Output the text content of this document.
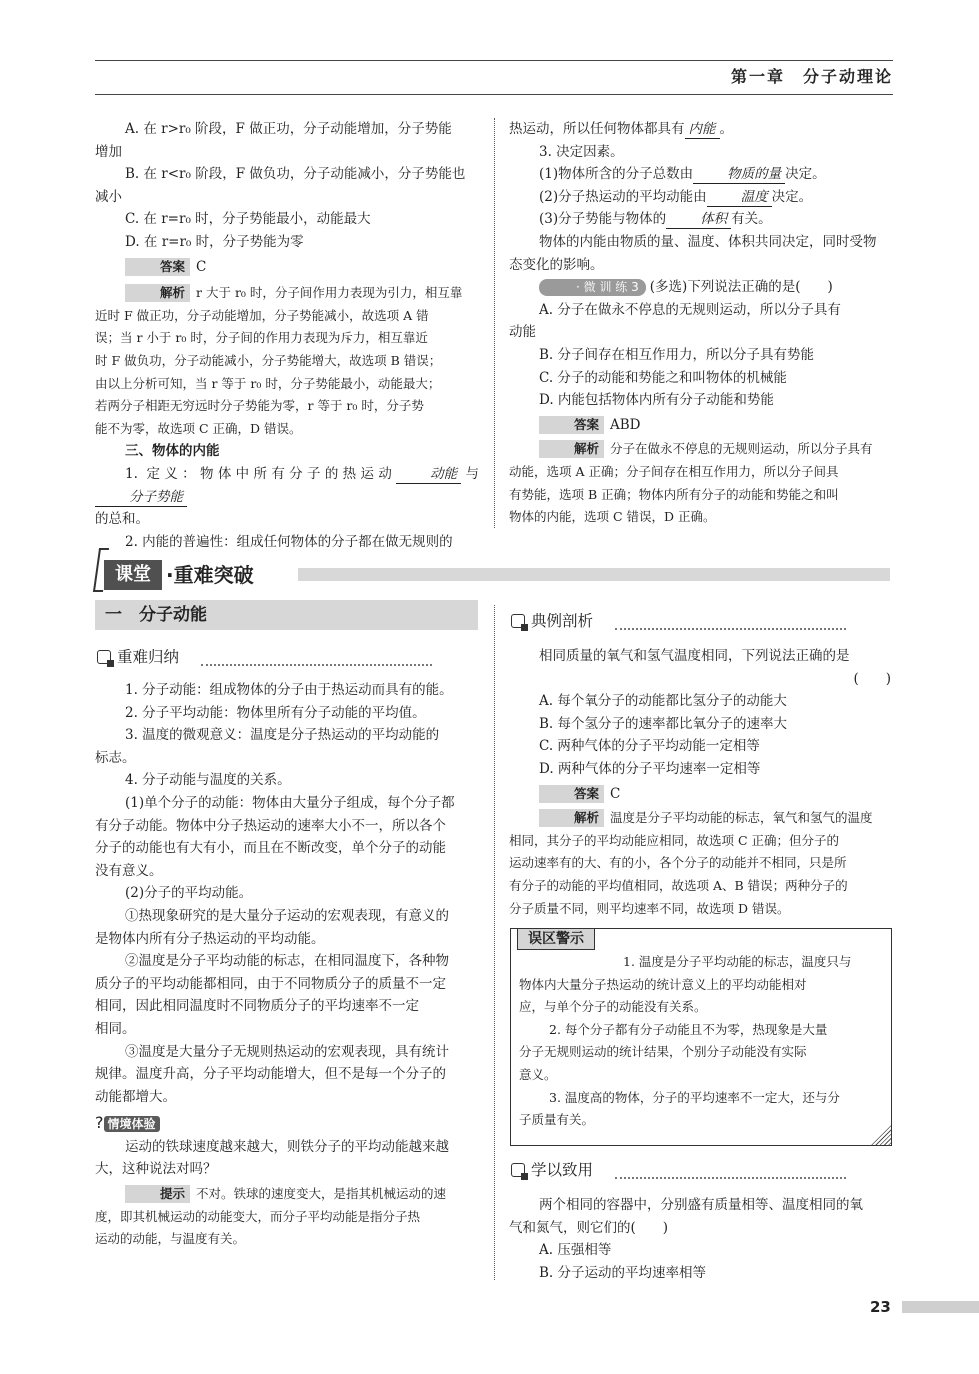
第一章　分子动理论

A. 在 r>r₀ 阶段，F 做正功，分子动能增加，分子势能

增加

B. 在 r<r₀ 阶段，F 做负功，分子动能减小，分子势能也

减小

C. 在 r=r₀ 时，分子势能最小，动能最大

D. 在 r=r₀ 时，分子势能为零

答案 C

解析 r 大于 r₀ 时，分子间作用力表现为引力，相互靠

近时 F 做正功，分子动能增加，分子势能减小，故选项 A 错

误；当 r 小于 r₀ 时，分子间的作用力表现为斥力，相互靠近

时 F 做负功，分子动能减小，分子势能增大，故选项 B 错误；

由以上分析可知，当 r 等于 r₀ 时，分子势能最小，动能最大；

若两分子相距无穷远时分子势能为零，r 等于 r₀ 时，分子势

能不为零，故选项 C 正确，D 错误。

三、物体的内能

1. 定义：物体中所有分子的热运动	动能 与分子势能

的总和。

2. 内能的普遍性：组成任何物体的分子都在做无规则的

热运动，所以任何物体都具有 内能 。

3. 决定因素。

(1)物体所含的分子总数由	物质的量 决定。

(2)分子热运动的平均动能由	温度 决定。

(3)分子势能与物体的	体积 有关。

物体的内能由物质的量、温度、体积共同决定，同时受物

态变化的影响。

· 微 训 练 3 (多选)下列说法正确的是(　　)

A. 分子在做永不停息的无规则运动，所以分子具有

动能

B. 分子间存在相互作用力，所以分子具有势能

C. 分子的动能和势能之和叫物体的机械能

D. 内能包括物体内所有分子动能和势能

答案 ABD

解析 分子在做永不停息的无规则运动，所以分子具有

动能，选项 A 正确；分子间存在相互作用力，所以分子间具

有势能，选项 B 正确；物体内所有分子的动能和势能之和叫

物体的内能，选项 C 错误，D 正确。

课堂 ·重难突破
一　分子动能
重难归纳

1. 分子动能：组成物体的分子由于热运动而具有的能。

2. 分子平均动能：物体里所有分子动能的平均值。

3. 温度的微观意义：温度是分子热运动的平均动能的

标志。

4. 分子动能与温度的关系。

(1)单个分子的动能：物体由大量分子组成，每个分子都

有分子动能。物体中分子热运动的速率大小不一，所以各个

分子的动能也有大有小，而且在不断改变，单个分子的动能

没有意义。

(2)分子的平均动能。

①热现象研究的是大量分子运动的宏观表现，有意义的

是物体内所有分子热运动的平均动能。

②温度是分子平均动能的标志，在相同温度下，各种物

质分子的平均动能都相同，由于不同物质分子的质量不一定

相同，因此相同温度时不同物质分子的平均速率不一定

相同。

③温度是大量分子无规则热运动的宏观表现，具有统计

规律。温度升高，分子平均动能增大，但不是每一个分子的

动能都增大。

? 情境体验

运动的铁球速度越来越大，则铁分子的平均动能越来越

大，这种说法对吗？

提示 不对。铁球的速度变大，是指其机械运动的速

度，即其机械运动的动能变大，而分子平均动能是指分子热

运动的动能，与温度有关。

典例剖析

相同质量的氧气和氢气温度相同，下列说法正确的是

(　　)

A. 每个氧分子的动能都比氢分子的动能大

B. 每个氢分子的速率都比氧分子的速率大

C. 两种气体的分子平均动能一定相等

D. 两种气体的分子平均速率一定相等

答案 C

解析 温度是分子平均动能的标志，氧气和氢气的温度

相同，其分子的平均动能应相同，故选项 C 正确；但分子的

运动速率有的大、有的小，各个分子的动能并不相同，只是所

有分子的动能的平均值相同，故选项 A、B 错误；两种分子的

分子质量不同，则平均速率不同，故选项 D 错误。

误区警示

1. 温度是分子平均动能的标志，温度只与

物体内大量分子热运动的统计意义上的平均动能相对

应，与单个分子的动能没有关系。

2. 每个分子都有分子动能且不为零，热现象是大量

分子无规则运动的统计结果，个别分子动能没有实际

意义。

3. 温度高的物体，分子的平均速率不一定大，还与分

子质量有关。

学以致用

两个相同的容器中，分别盛有质量相等、温度相同的氧

气和氮气，则它们的(　　)

A. 压强相等

B. 分子运动的平均速率相等

23
